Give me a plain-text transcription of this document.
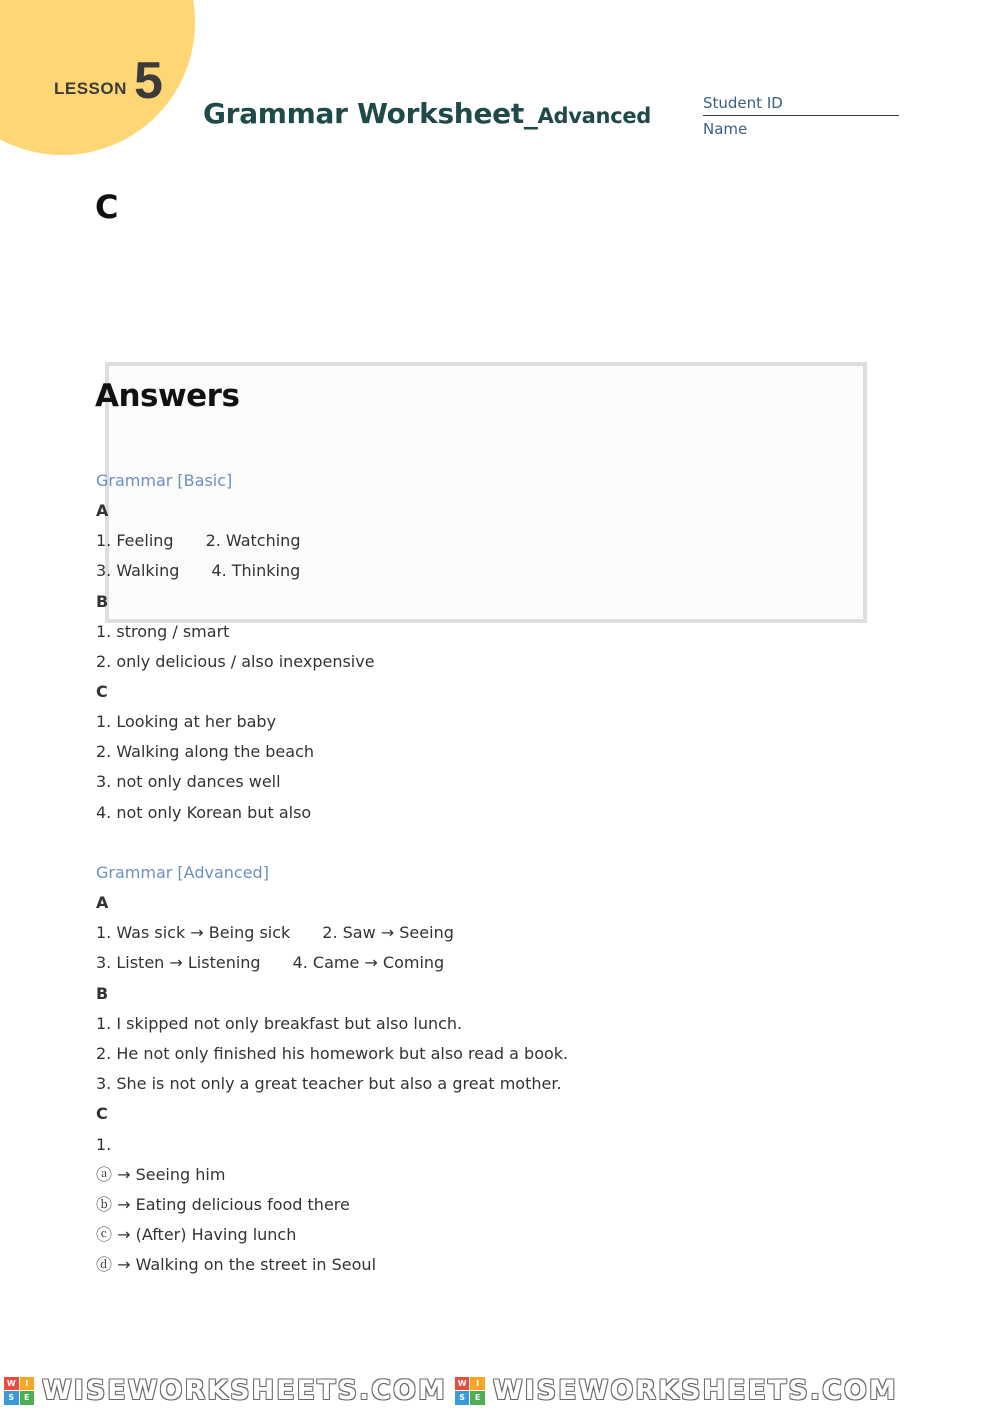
LESSON 5
Grammar Worksheet_Advanced
Student ID
Name
C
Answers
Grammar [Basic]
A
1. Feeling 2. Watching
3. Walking 4. Thinking
B
1. strong / smart
2. only delicious / also inexpensive
C
1. Looking at her baby
2. Walking along the beach
3. not only dances well
4. not only Korean but also
Grammar [Advanced]
A
1. Was sick → Being sick 2. Saw → Seeing
3. Listen → Listening 4. Came → Coming
B
1. I skipped not only breakfast but also lunch.
2. He not only finished his homework but also read a book.
3. She is not only a great teacher but also a great mother.
C
1.
ⓐ → Seeing him
ⓑ → Eating delicious food there
ⓒ → (After) Having lunch
ⓓ → Walking on the street in Seoul
W	I
S	E WISEWORKSHEETS.COM	W	I
S	E WISEWORKSHEETS.COM
